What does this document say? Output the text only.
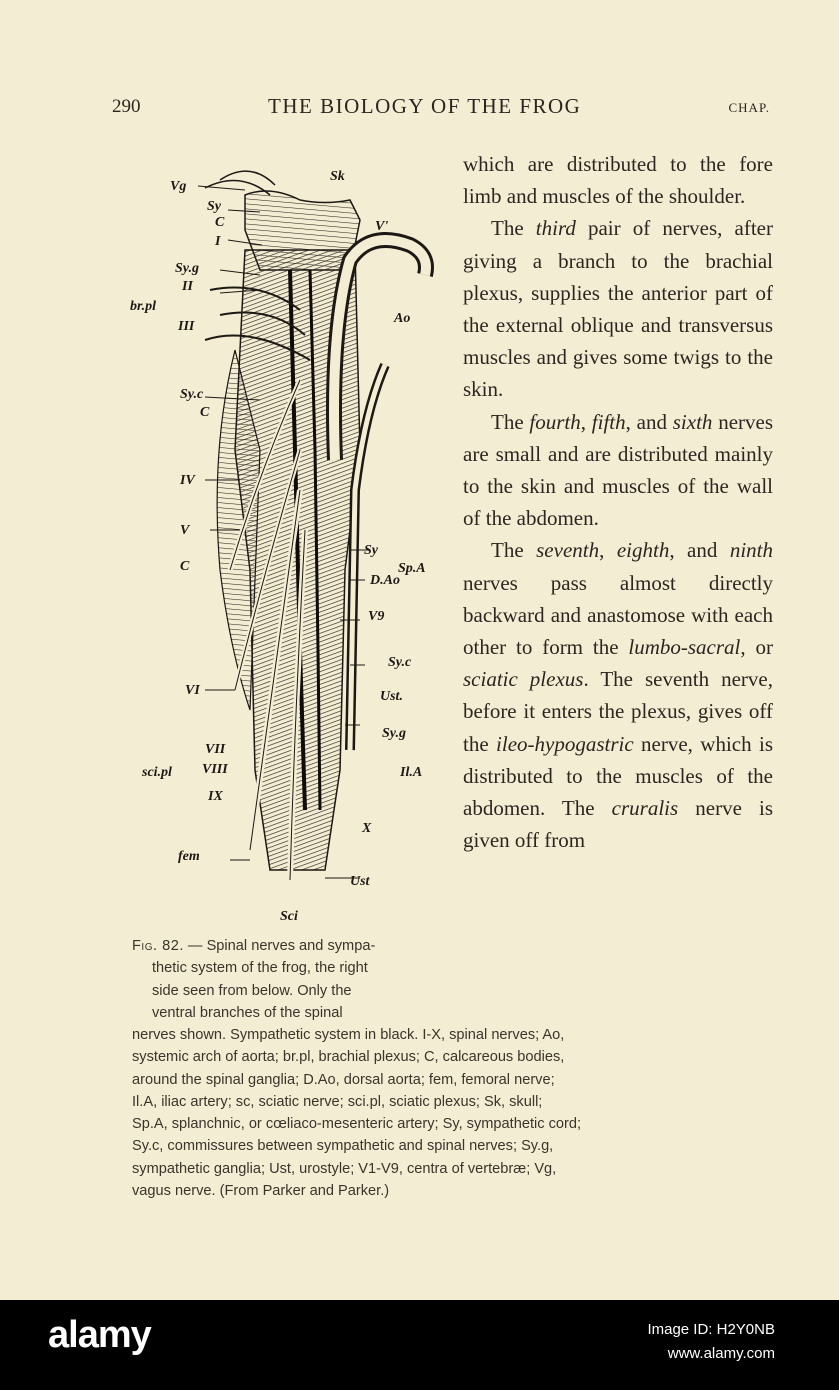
290	THE BIOLOGY OF THE FROG	CHAP.
Vg
Sk
Sy
C
I
Sy.g
II
br.pl
III
V'
Ao
Sy.c
C
IV
V
C
Sy
Sp.A
D.Ao
V9
VI
Sy.c
Ust.
Sy.g
VII
sci.pl VIII	Il.A
IX
X
fem
Ust
Sci

which are distributed to the fore limb and muscles of the shoulder.

The third pair of nerves, after giving a branch to the brachial plexus, supplies the anterior part of the external oblique and transversus muscles and gives some twigs to the skin.

The fourth, fifth, and sixth nerves are small and are distributed mainly to the skin and muscles of the wall of the abdomen.

The seventh, eighth, and ninth nerves pass almost directly backward and anastomose with each other to form the lumbo-sacral, or sciatic plexus. The seventh nerve, before it enters the plexus, gives off the ileo-hypogastric nerve, which is distributed to the muscles of the abdomen. The cruralis nerve is given off from

Fig. 82. — Spinal nerves and sympa-
thetic system of the frog, the right
side seen from below. Only the
ventral branches of the spinal
nerves shown. Sympathetic system in black. I-X, spinal nerves; Ao,
systemic arch of aorta; br.pl, brachial plexus; C, calcareous bodies,
around the spinal ganglia; D.Ao, dorsal aorta; fem, femoral nerve;
Il.A, iliac artery; sc, sciatic nerve; sci.pl, sciatic plexus; Sk, skull;
Sp.A, splanchnic, or cœliaco-mesenteric artery; Sy, sympathetic cord;
Sy.c, commissures between sympathetic and spinal nerves; Sy.g,
sympathetic ganglia; Ust, urostyle; V1-V9, centra of vertebræ; Vg,
vagus nerve. (From Parker and Parker.)
alamy	Image ID: H2Y0NB
www.alamy.com
